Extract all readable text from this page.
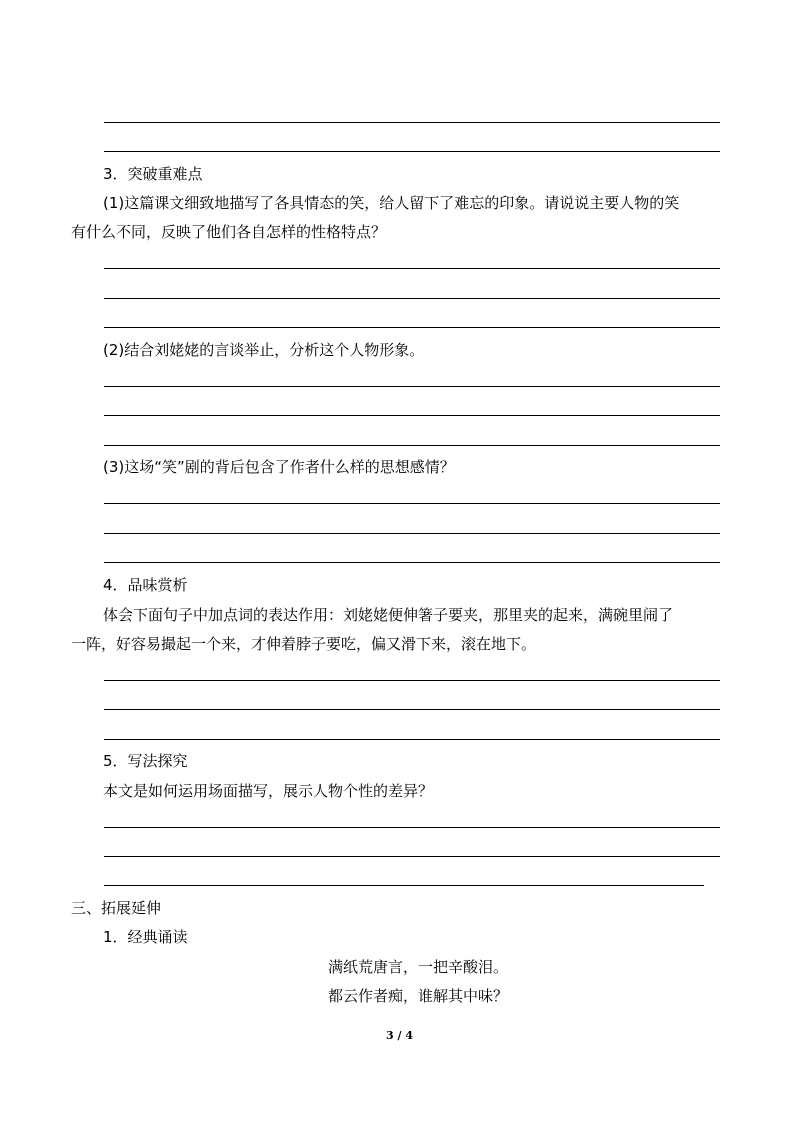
3．突破重难点
(1)这篇课文细致地描写了各具情态的笑，给人留下了难忘的印象。请说说主要人物的笑
有什么不同，反映了他们各自怎样的性格特点？
(2)结合刘姥姥的言谈举止，分析这个人物形象。
(3)这场“笑”剧的背后包含了作者什么样的思想感情？
4．品味赏析
体会下面句子中加点词的表达作用：刘姥姥便伸箸子要夹，那里夹的起来，满碗里闹了
一阵，好容易撮起一个来，才伸着脖子要吃，偏又滑下来，滚在地下。
5．写法探究
本文是如何运用场面描写，展示人物个性的差异？
三、拓展延伸
1．经典诵读
满纸荒唐言，一把辛酸泪。
都云作者痴，谁解其中味？
3 / 4
